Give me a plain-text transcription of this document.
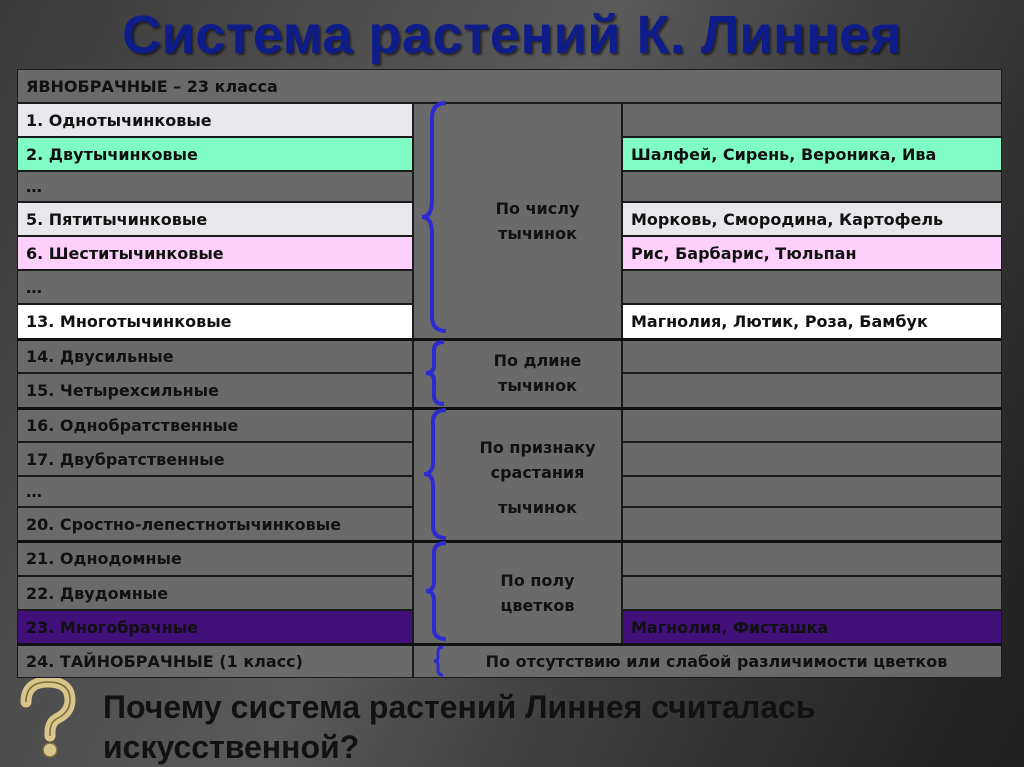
Система растений К. Линнея
ЯВНОБРАЧНЫЕ – 23 класса
1. Однотычинковые
2. Двутычинковые
…
5. Пятитычинковые
6. Шеститычинковые
…
13. Многотычинковые
14. Двусильные
15. Четырехсильные
16. Однобратственные
17. Двубратственные
…
20. Сростно-лепестнотычинковые
21. Однодомные
22. Двудомные
23. Многобрачные
По числу
тычинок
По длине
тычинок
По признаку
срастания
тычинок
По полу
цветков
Шалфей, Сирень, Вероника, Ива
Морковь, Смородина, Картофель
Рис, Барбарис, Тюльпан
Магнолия, Лютик, Роза, Бамбук
Магнолия, Фисташка
24. ТАЙНОБРАЧНЫЕ (1 класс)	По отсутствию или слабой различимости цветков
Почему система растений Линнея считалась искусственной?
